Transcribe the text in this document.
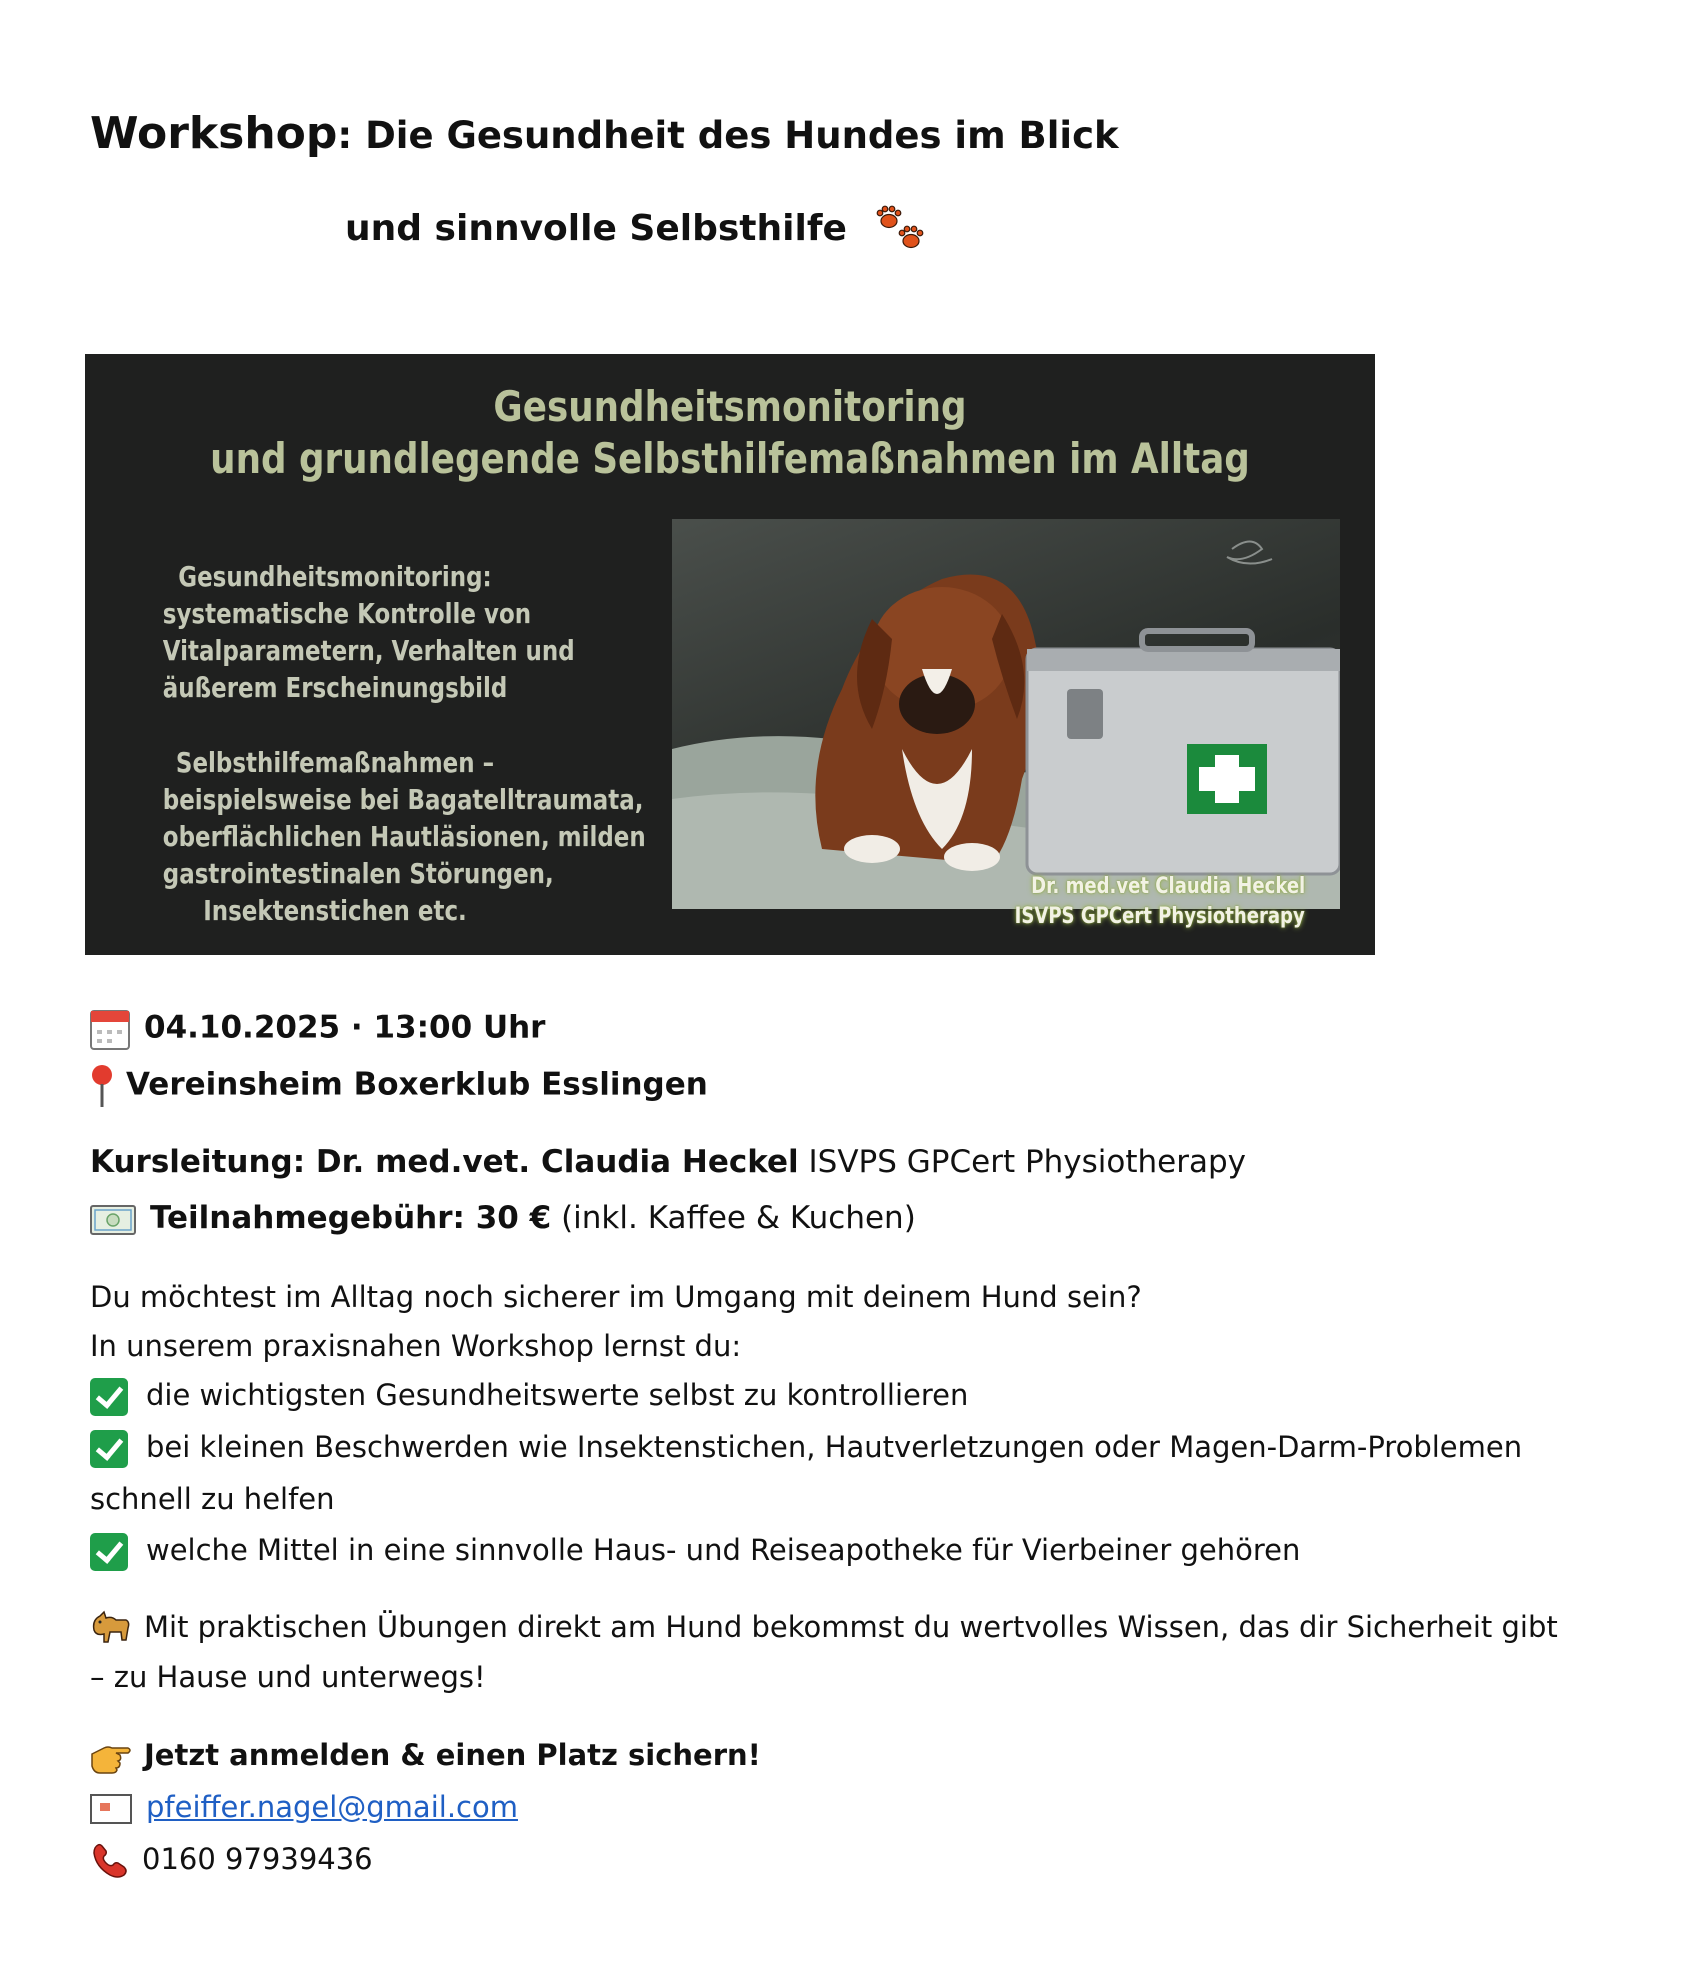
Workshop: Die Gesundheit des Hundes im Blick
und sinnvolle Selbsthilfe
Gesundheitsmonitoring
und grundlegende Selbsthilfemaßnahmen im Alltag
Gesundheitsmonitoring:
systematische Kontrolle von
Vitalparametern, Verhalten und
äußerem Erscheinungsbild
Selbsthilfemaßnahmen –
beispielsweise bei Bagatelltraumata,
oberflächlichen Hautläsionen, milden
gastrointestinalen Störungen,
Insektenstichen etc.
Dr. med.vet Claudia Heckel
ISVPS GPCert Physiotherapy
04.10.2025 · 13:00 Uhr
Vereinsheim Boxerklub Esslingen
Kursleitung: Dr. med.vet. Claudia Heckel ISVPS GPCert Physiotherapy
Teilnahmegebühr: 30 € (inkl. Kaffee & Kuchen)
Du möchtest im Alltag noch sicherer im Umgang mit deinem Hund sein?
In unserem praxisnahen Workshop lernst du:
die wichtigsten Gesundheitswerte selbst zu kontrollieren
bei kleinen Beschwerden wie Insektenstichen, Hautverletzungen oder Magen-Darm-Problemen
schnell zu helfen
welche Mittel in eine sinnvolle Haus- und Reiseapotheke für Vierbeiner gehören
Mit praktischen Übungen direkt am Hund bekommst du wertvolles Wissen, das dir Sicherheit gibt
– zu Hause und unterwegs!
Jetzt anmelden & einen Platz sichern!
pfeiffer.nagel@gmail.com
0160 97939436
